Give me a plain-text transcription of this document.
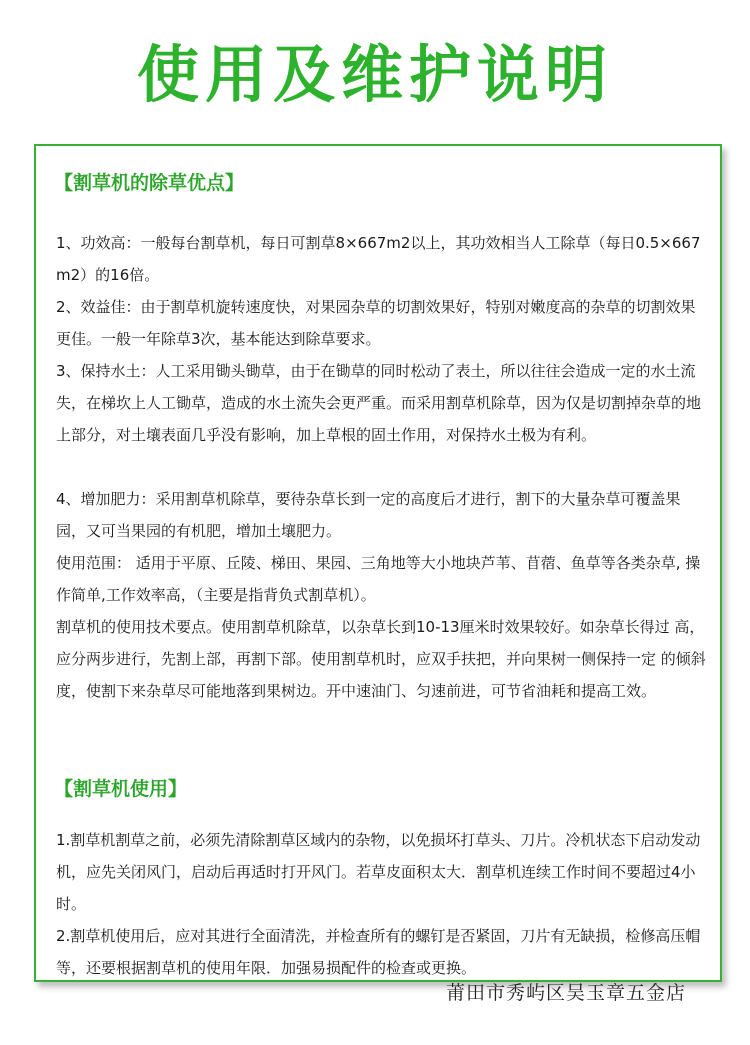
使用及维护说明
【割草机的除草优点】

1、功效高：一般每台割草机，每日可割草8×667m2以上，其功效相当人工除草（每日0.5×667m2）的16倍。

2、效益佳：由于割草机旋转速度快，对果园杂草的切割效果好，特别对嫩度高的杂草的切割效果更佳。一般一年除草3次，基本能达到除草要求。

3、保持水土：人工采用锄头锄草，由于在锄草的同时松动了表土，所以往往会造成一定的水土流失，在梯坎上人工锄草，造成的水土流失会更严重。而采用割草机除草，因为仅是切割掉杂草的地上部分，对土壤表面几乎没有影响，加上草根的固土作用，对保持水土极为有利。

4、增加肥力：采用割草机除草，要待杂草长到一定的高度后才进行，割下的大量杂草可覆盖果园，又可当果园的有机肥，增加土壤肥力。

使用范围： 适用于平原、丘陵、梯田、果园、三角地等大小地块芦苇、苜蓿、鱼草等各类杂草, 操作简单,工作效率高，（主要是指背负式割草机）。

割草机的使用技术要点。使用割草机除草，以杂草长到10-13厘米时效果较好。如杂草长得过 高，应分两步进行，先割上部，再割下部。使用割草机时，应双手扶把，并向果树一侧保持一定 的倾斜度，使割下来杂草尽可能地落到果树边。开中速油门、匀速前进，可节省油耗和提高工效。

【割草机使用】

1.割草机割草之前，必须先清除割草区域内的杂物，以免损坏打草头、刀片。冷机状态下启动发动机，应先关闭风门，启动后再适时打开风门。若草皮面积太大．割草机连续工作时间不要超过4小时。

2.割草机使用后，应对其进行全面清洗，并检查所有的螺钉是否紧固，刀片有无缺损，检修高压帽等，还要根据割草机的使用年限．加强易损配件的检查或更换。

莆田市秀屿区吴玉章五金店
